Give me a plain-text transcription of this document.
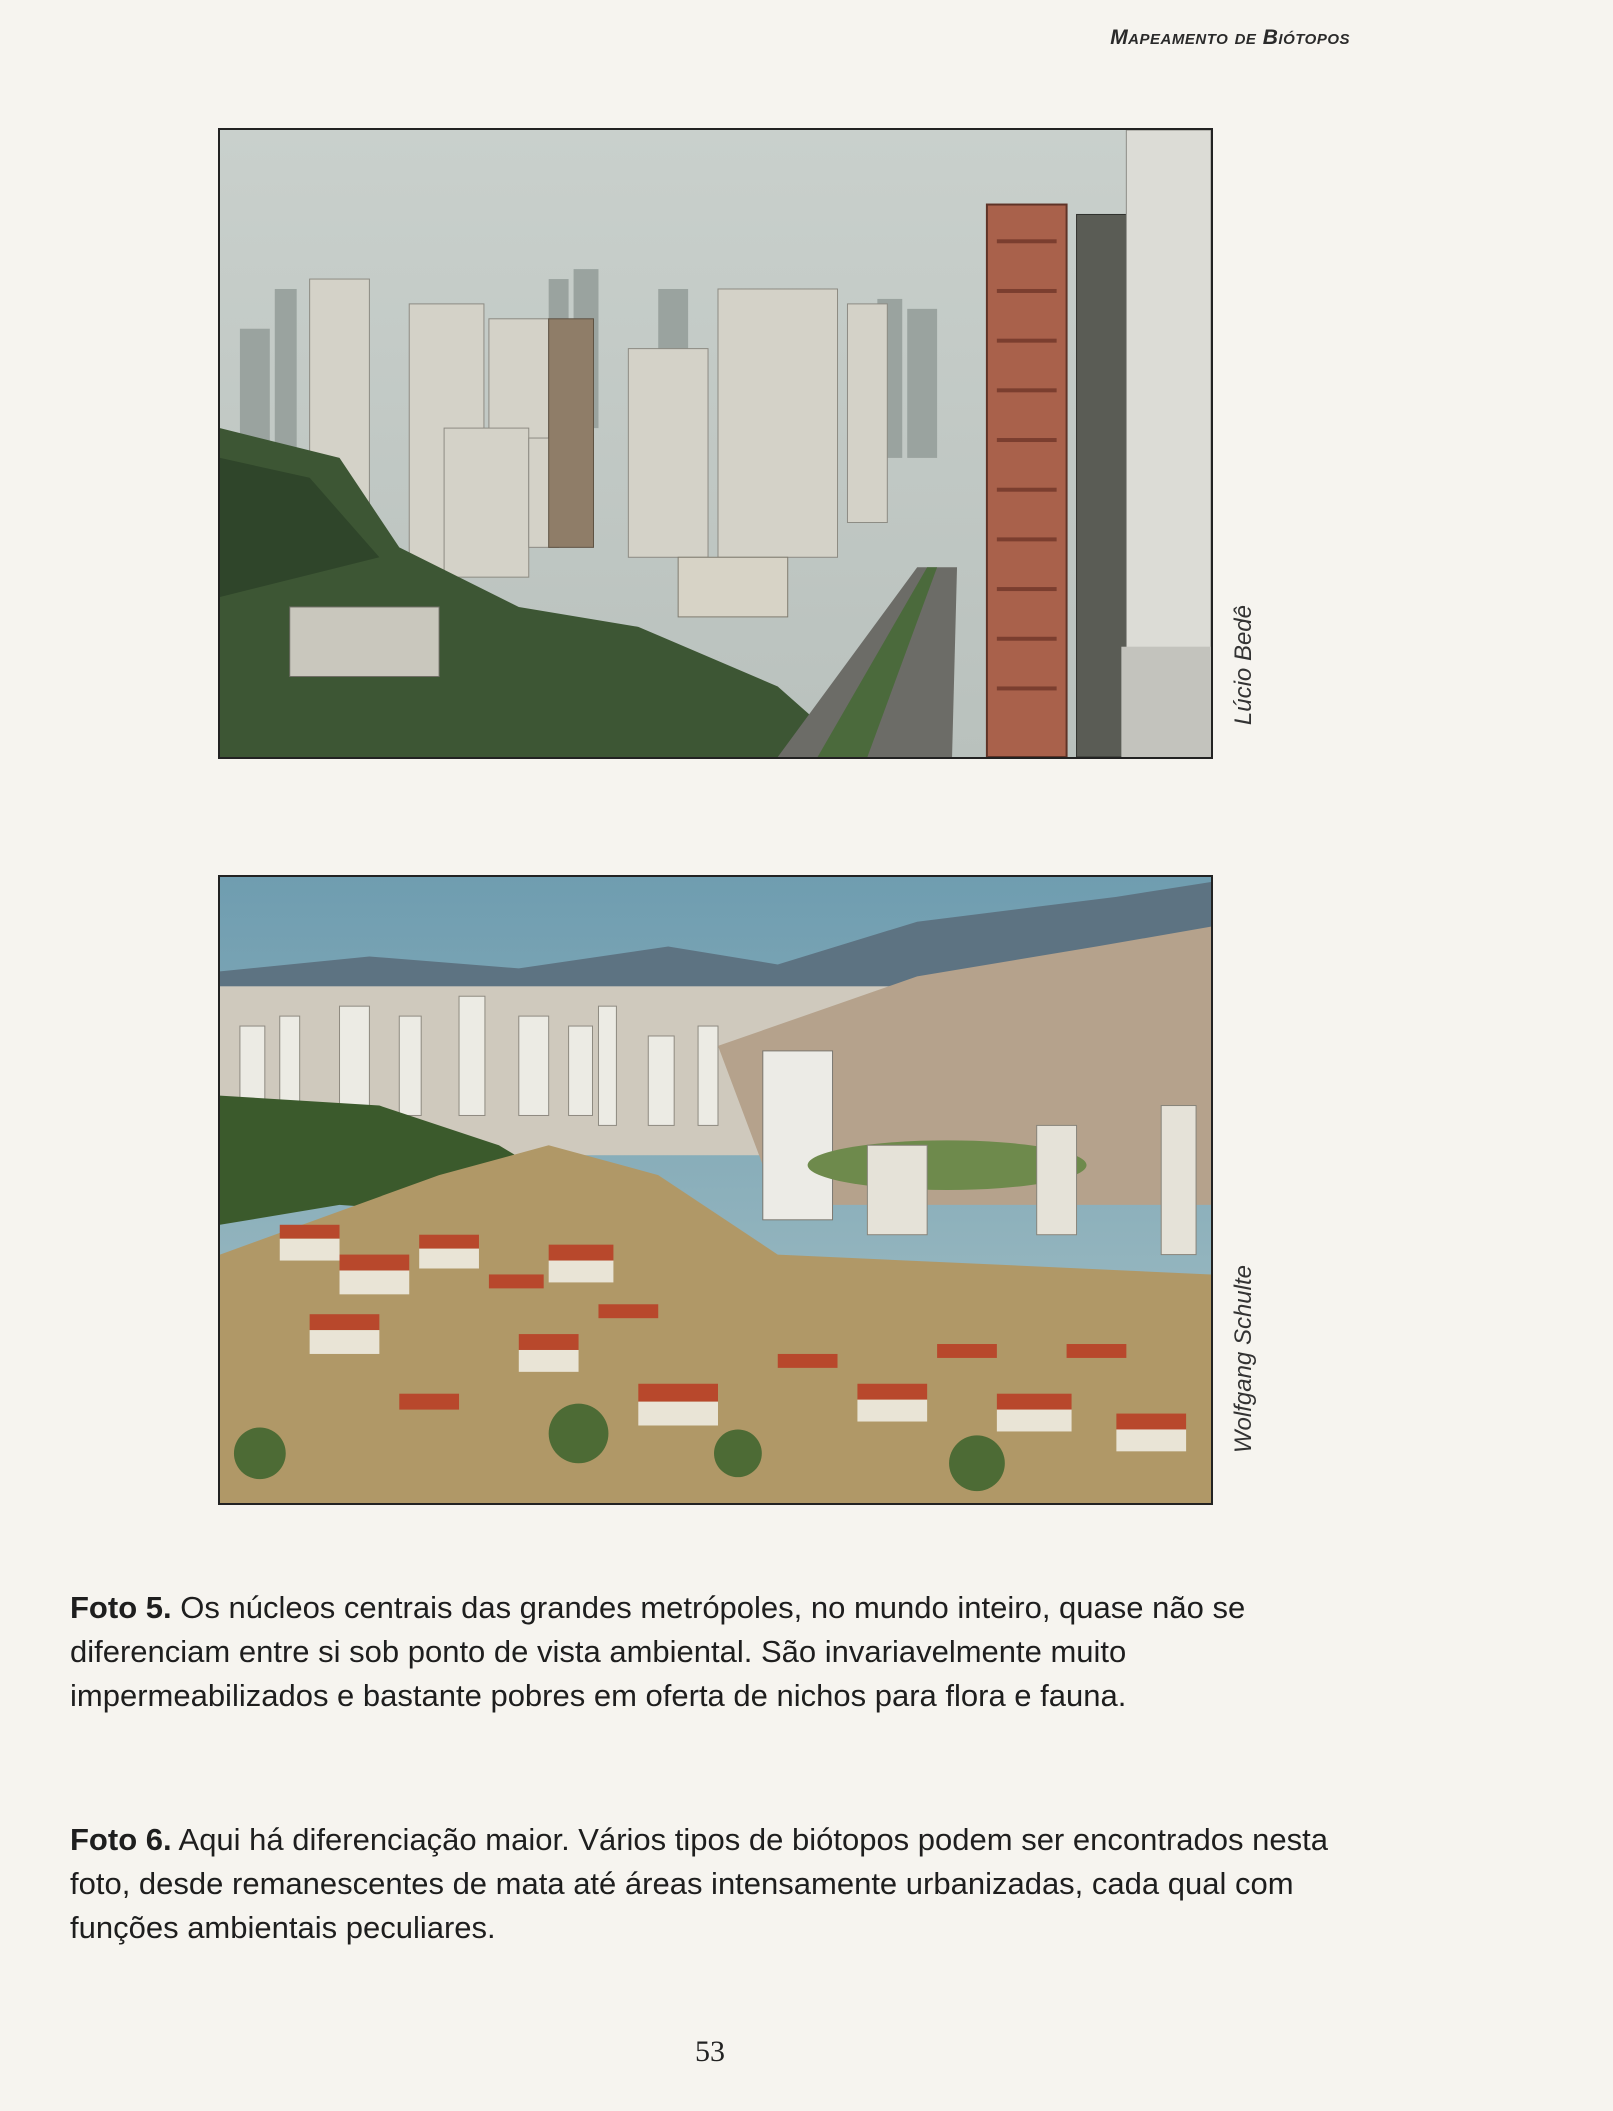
Mapeamento de Biótopos
Lúcio Bedê
Wolfgang Schulte
Foto 5. Os núcleos centrais das grandes metrópoles, no mundo inteiro, quase não se diferenciam entre si sob ponto de vista ambiental. São invariavelmente muito impermeabilizados e bastante pobres em oferta de nichos para flora e fauna.
Foto 6. Aqui há diferenciação maior. Vários tipos de biótopos podem ser encontrados nesta foto, desde remanescentes de mata até áreas intensamente urbanizadas, cada qual com funções ambientais peculiares.
53
